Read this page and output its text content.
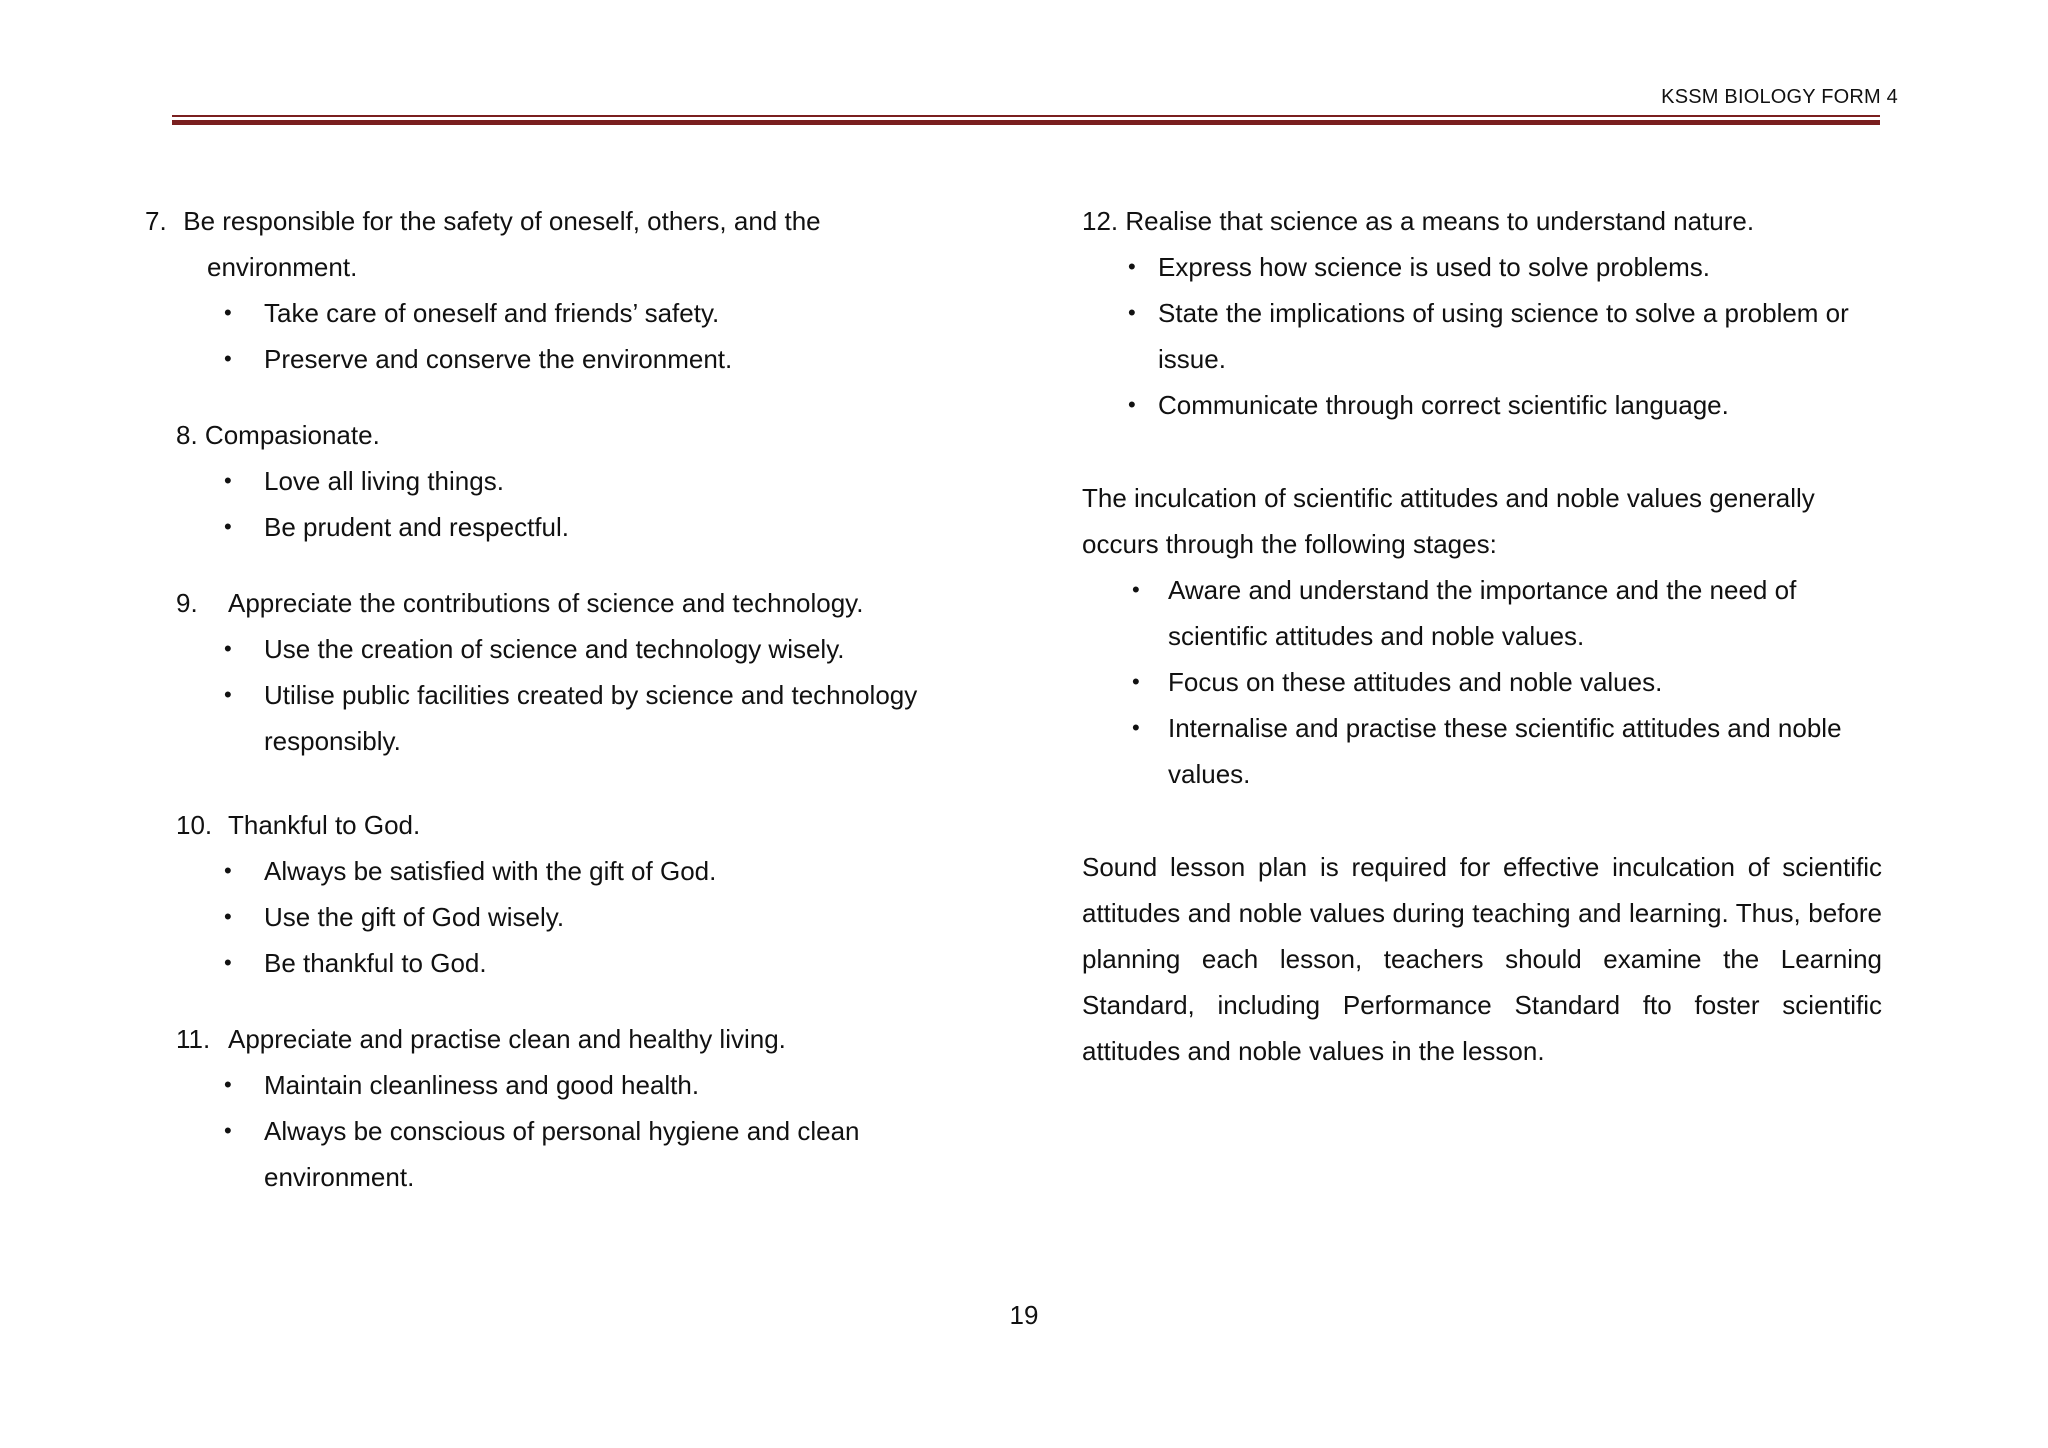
KSSM BIOLOGY FORM 4

7. Be responsible for the safety of oneself, others, and the environment.

• Take care of oneself and friends’ safety.
• Preserve and conserve the environment.

8. Compasionate.

• Love all living things.
• Be prudent and respectful.

9. Appreciate the contributions of science and technology.

• Use the creation of science and technology wisely.
• Utilise public facilities created by science and technology responsibly.

10. Thankful to God.

• Always be satisfied with the gift of God.
• Use the gift of God wisely.
• Be thankful to God.

11. Appreciate and practise clean and healthy living.

• Maintain cleanliness and good health.
• Always be conscious of personal hygiene and clean environment.

12. Realise that science as a means to understand nature.

• Express how science is used to solve problems.
• State the implications of using science to solve a problem or issue.
• Communicate through correct scientific language.

The inculcation of scientific attitudes and noble values generally occurs through the following stages:

• Aware and understand the importance and the need of scientific attitudes and noble values.
• Focus on these attitudes and noble values.
• Internalise and practise these scientific attitudes and noble values.

Sound lesson plan is required for effective inculcation of scientific attitudes and noble values during teaching and learning. Thus, before planning each lesson, teachers should examine the Learning Standard, including Performance Standard fto foster scientific attitudes and noble values in the lesson.

19
